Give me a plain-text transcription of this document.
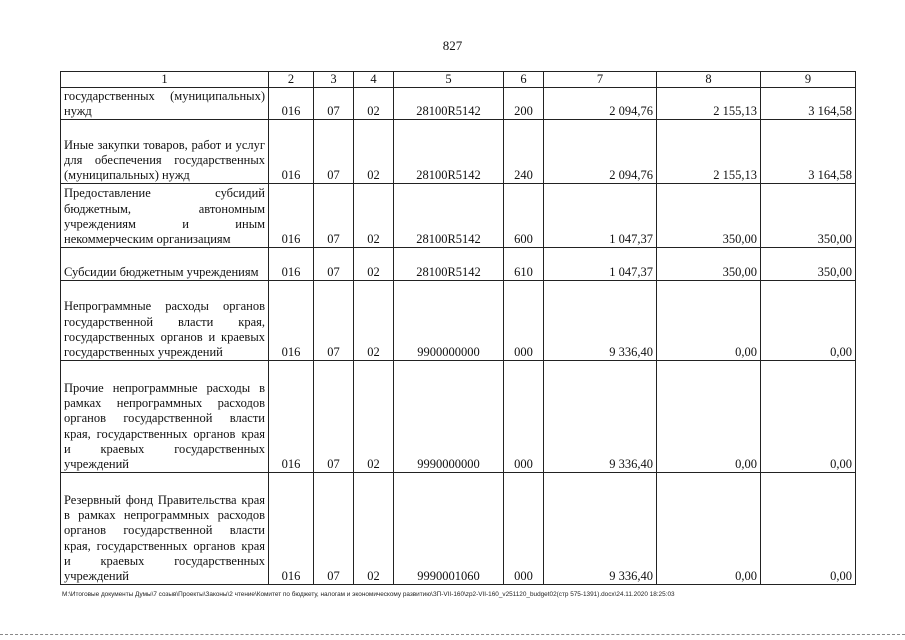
827
1	2	3	4	5	6	7	8	9
государственных (муниципальных) нужд	016	07	02	28100R5142	200	2 094,76	2 155,13	3 164,58
Иные закупки товаров, работ и услуг для обеспечения государственных (муниципальных) нужд	016	07	02	28100R5142	240	2 094,76	2 155,13	3 164,58
Предоставление субсидий бюджетным, автономным учреждениям и иным некоммерческим организациям	016	07	02	28100R5142	600	1 047,37	350,00	350,00
Субсидии бюджетным учреждениям	016	07	02	28100R5142	610	1 047,37	350,00	350,00
Непрограммные расходы органов государственной власти края, государственных органов и краевых государственных учреждений	016	07	02	9900000000	000	9 336,40	0,00	0,00
Прочие непрограммные расходы в рамках непрограммных расходов органов государственной власти края, государственных органов края и краевых государственных учреждений	016	07	02	9990000000	000	9 336,40	0,00	0,00
Резервный фонд Правительства края в рамках непрограммных расходов органов государственной власти края, государственных органов края и краевых государственных учреждений	016	07	02	9990001060	000	9 336,40	0,00	0,00
M:\Итоговые документы Думы\7 созыв\Проекты\Законы\2 чтение\Комитет по бюджету, налогам и экономическому развитию\ЗП-VII-160\zp2-VII-160_v251120_budget02(стр 575-1391).docx\24.11.2020 18:25:03
